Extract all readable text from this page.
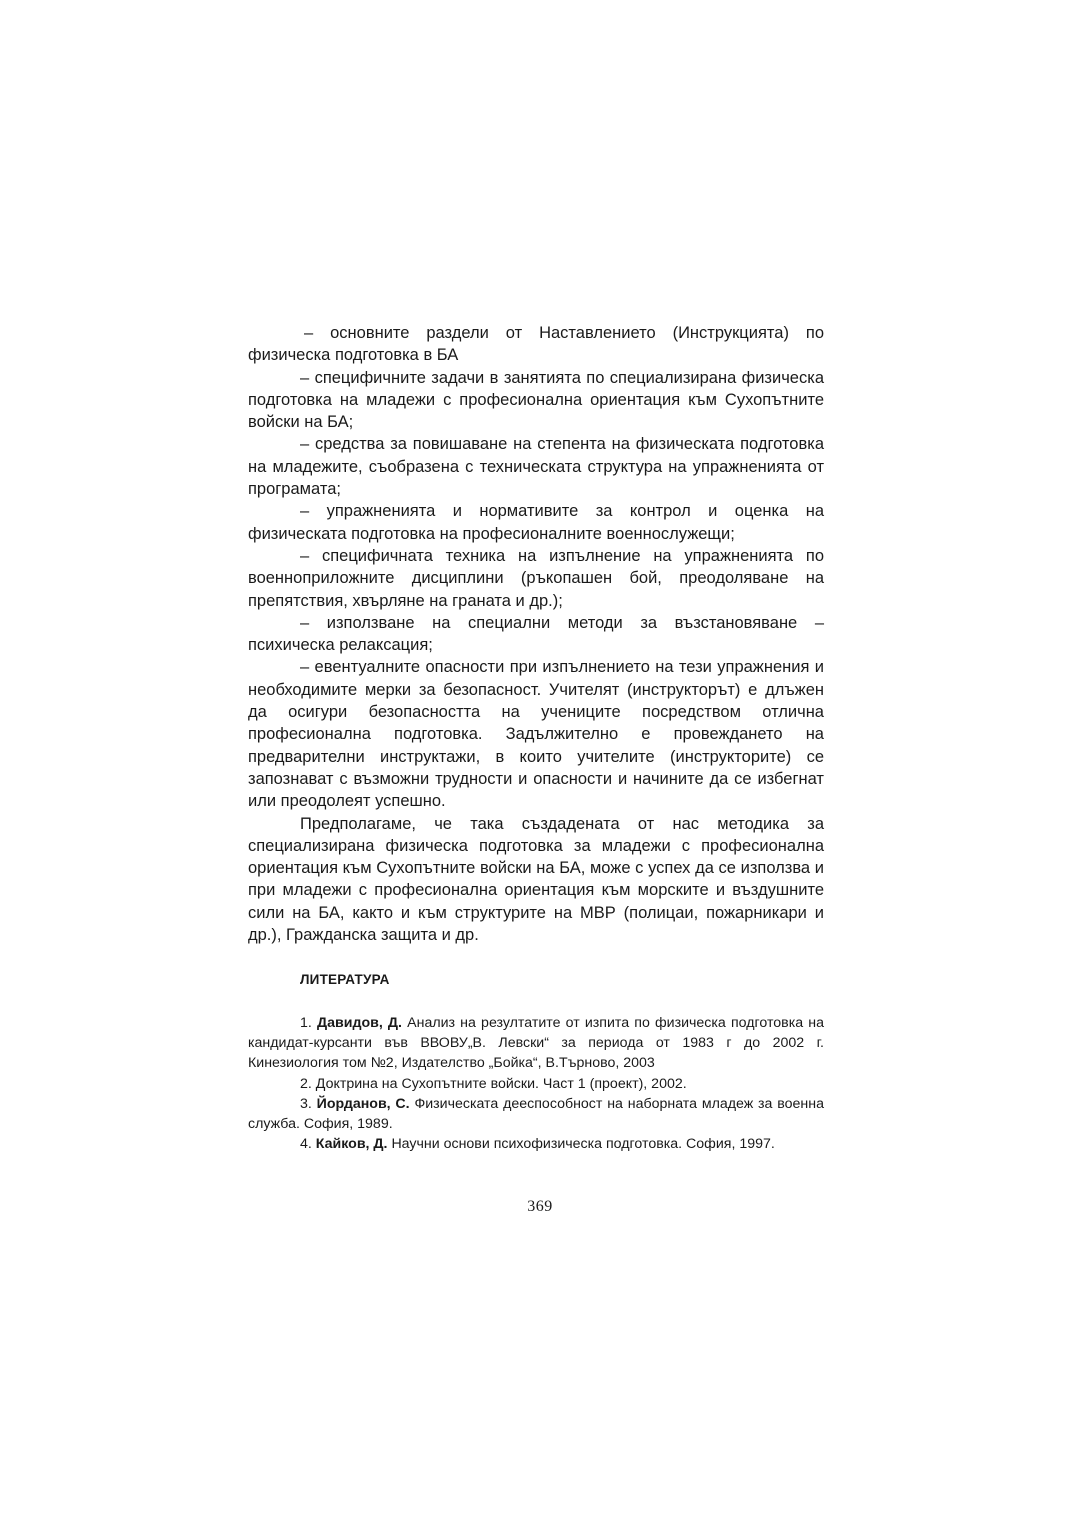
– основните раздели от Наставлението (Инструкцията) по физическа подготовка в БА

– специфичните задачи в занятията по специализирана физическа подготовка на младежи с професионална ориентация към Сухопътните войски на БА;

– средства за повишаване на степента на физическата подготовка на младежите, съобразена с техническата структура на упражненията от програмата;

– упражненията и нормативите за контрол и оценка на физическата подготовка на професионалните военнослужещи;

– специфичната техника на изпълнение на упражненията по военноприложните дисциплини (ръкопашен бой, преодоляване на препятствия, хвърляне на граната и др.);

– използване на специални методи за възстановяване – психическа релаксация;

– евентуалните опасности при изпълнението на тези упражнения и необходимите мерки за безопасност. Учителят (инструкторът) е длъжен да осигури безопасността на учениците посредством отлична професионална подготовка. Задължително е провеждането на предварителни инструктажи, в които учителите (инструкторите) се запознават с възможни трудности и опасности и начините да се избегнат или преодолеят успешно.

Предполагаме, че така създадената от нас методика за специализирана физическа подготовка за младежи с професионална ориентация към Сухопътните войски на БА, може с успех да се използва и при младежи с професионална ориентация към морските и въздушните сили на БА, както и към структурите на МВР (полицаи, пожарникари и др.), Гражданска защита и др.

ЛИТЕРАТУРА

1. Давидов, Д. Анализ на резултатите от изпита по физическа подготовка на кандидат-курсанти във ВВОВУ„В. Левски“ за периода от 1983 г до 2002 г. Кинезиология том №2, Издателство „Бойка“, В.Търново, 2003

2. Доктрина на Сухопътните войски. Част 1 (проект), 2002.

3. Йорданов, С. Физическата дееспособност на наборната младеж за военна служба. София, 1989.

4. Кайков, Д. Научни основи психофизическа подготовка. София, 1997.

369
